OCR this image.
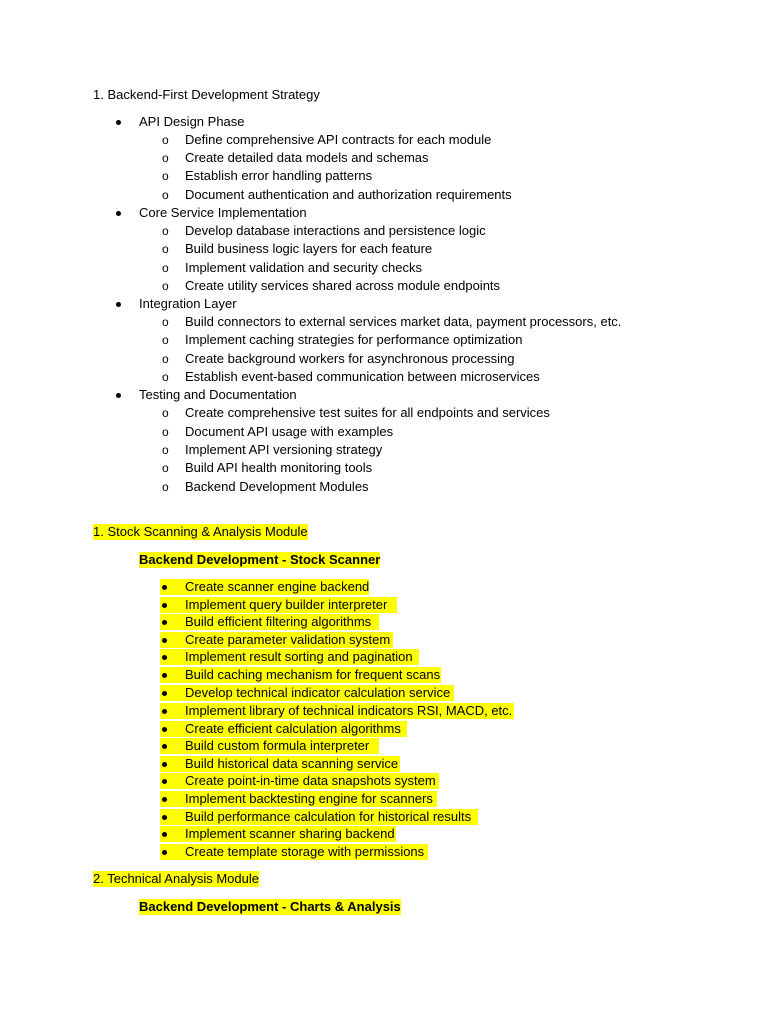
1. Backend-First Development Strategy
API Design Phase
o Define comprehensive API contracts for each module
o Create detailed data models and schemas
o Establish error handling patterns
o Document authentication and authorization requirements
Core Service Implementation
o Develop database interactions and persistence logic
o Build business logic layers for each feature
o Implement validation and security checks
o Create utility services shared across module endpoints
Integration Layer
o Build connectors to external services market data, payment processors, etc.
o Implement caching strategies for performance optimization
o Create background workers for asynchronous processing
o Establish event-based communication between microservices
Testing and Documentation
o Create comprehensive test suites for all endpoints and services
o Document API usage with examples
o Implement API versioning strategy
o Build API health monitoring tools
o Backend Development Modules
1. Stock Scanning & Analysis Module
Backend Development - Stock Scanner
Create scanner engine backend
Implement query builder interpreter
Build efficient filtering algorithms
Create parameter validation system
Implement result sorting and pagination
Build caching mechanism for frequent scans
Develop technical indicator calculation service
Implement library of technical indicators RSI, MACD, etc.
Create efficient calculation algorithms
Build custom formula interpreter
Build historical data scanning service
Create point-in-time data snapshots system
Implement backtesting engine for scanners
Build performance calculation for historical results
Implement scanner sharing backend
Create template storage with permissions
2. Technical Analysis Module
Backend Development - Charts & Analysis
